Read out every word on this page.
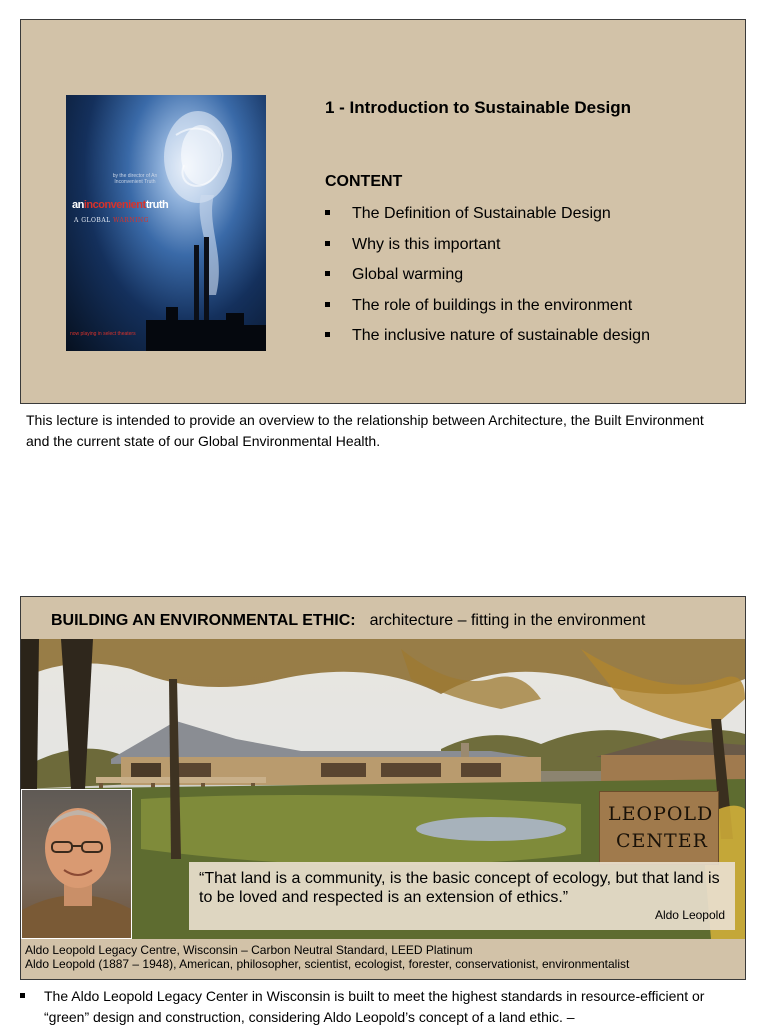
by the director of An Inconvenient Truth
aninconvenienttruth
A GLOBAL WARNING
now playing in select theaters
1 - Introduction to Sustainable Design
CONTENT
The Definition of Sustainable Design
Why is this important
Global warming
The role of buildings in the environment
The inclusive nature of sustainable design
This lecture is intended to provide an overview to the relationship between Architecture, the Built Environment and the current state of our Global Environmental Health.
BUILDING AN ENVIRONMENTAL ETHIC: architecture – fitting in the environment
LEOPOLD
CENTER
“That land is a community, is the basic concept of ecology, but that land is to be loved and respected is an extension of ethics.”
Aldo Leopold
Aldo Leopold Legacy Centre, Wisconsin – Carbon Neutral Standard, LEED Platinum
Aldo Leopold (1887 – 1948), American, philosopher, scientist, ecologist, forester, conservationist, environmentalist
The Aldo Leopold Legacy Center in Wisconsin is built to meet the highest standards in resource-efficient or “green” design and construction, considering Aldo Leopold’s concept of a land ethic. –
